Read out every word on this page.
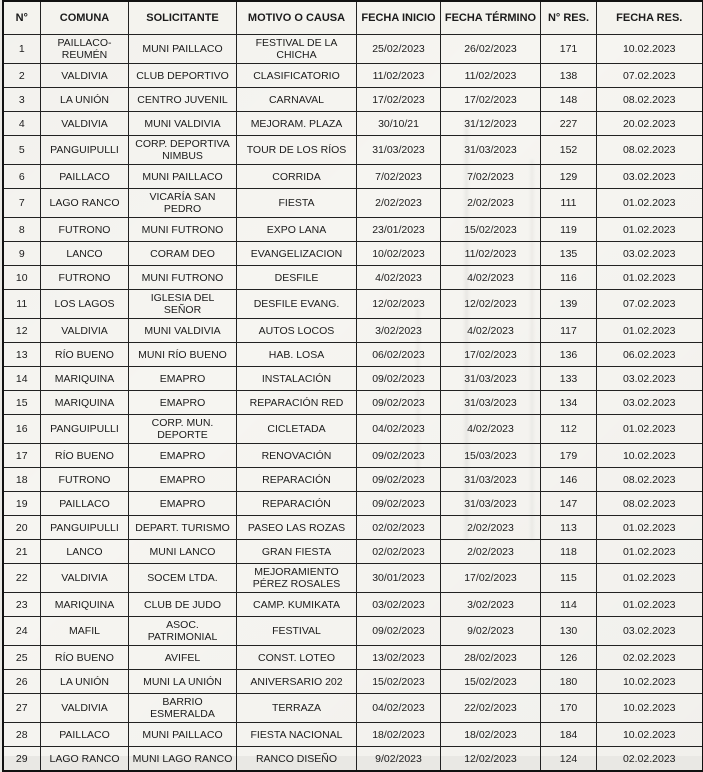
N°	COMUNA	SOLICITANTE	MOTIVO O CAUSA	FECHA INICIO	FECHA TÉRMINO	N° RES.	FECHA RES.
1	PAILLACO-REUMÉN	MUNI PAILLACO	FESTIVAL DE LA CHICHA	25/02/2023	26/02/2023	171	10.02.2023
2	VALDIVIA	CLUB DEPORTIVO	CLASIFICATORIO	11/02/2023	11/02/2023	138	07.02.2023
3	LA UNIÓN	CENTRO JUVENIL	CARNAVAL	17/02/2023	17/02/2023	148	08.02.2023
4	VALDIVIA	MUNI VALDIVIA	MEJORAM. PLAZA	30/10/21	31/12/2023	227	20.02.2023
5	PANGUIPULLI	CORP. DEPORTIVA NIMBUS	TOUR DE LOS RÍOS	31/03/2023	31/03/2023	152	08.02.2023
6	PAILLACO	MUNI PAILLACO	CORRIDA	7/02/2023	7/02/2023	129	03.02.2023
7	LAGO RANCO	VICARÍA SAN PEDRO	FIESTA	2/02/2023	2/02/2023	111	01.02.2023
8	FUTRONO	MUNI FUTRONO	EXPO LANA	23/01/2023	15/02/2023	119	01.02.2023
9	LANCO	CORAM DEO	EVANGELIZACION	10/02/2023	11/02/2023	135	03.02.2023
10	FUTRONO	MUNI FUTRONO	DESFILE	4/02/2023	4/02/2023	116	01.02.2023
11	LOS LAGOS	IGLESIA DEL SEÑOR	DESFILE EVANG.	12/02/2023	12/02/2023	139	07.02.2023
12	VALDIVIA	MUNI VALDIVIA	AUTOS LOCOS	3/02/2023	4/02/2023	117	01.02.2023
13	RÍO BUENO	MUNI RÍO BUENO	HAB. LOSA	06/02/2023	17/02/2023	136	06.02.2023
14	MARIQUINA	EMAPRO	INSTALACIÓN	09/02/2023	31/03/2023	133	03.02.2023
15	MARIQUINA	EMAPRO	REPARACIÓN RED	09/02/2023	31/03/2023	134	03.02.2023
16	PANGUIPULLI	CORP. MUN. DEPORTE	CICLETADA	04/02/2023	4/02/2023	112	01.02.2023
17	RÍO BUENO	EMAPRO	RENOVACIÓN	09/02/2023	15/03/2023	179	10.02.2023
18	FUTRONO	EMAPRO	REPARACIÓN	09/02/2023	31/03/2023	146	08.02.2023
19	PAILLACO	EMAPRO	REPARACIÓN	09/02/2023	31/03/2023	147	08.02.2023
20	PANGUIPULLI	DEPART. TURISMO	PASEO LAS ROZAS	02/02/2023	2/02/2023	113	01.02.2023
21	LANCO	MUNI LANCO	GRAN FIESTA	02/02/2023	2/02/2023	118	01.02.2023
22	VALDIVIA	SOCEM LTDA.	MEJORAMIENTO PÉREZ ROSALES	30/01/2023	17/02/2023	115	01.02.2023
23	MARIQUINA	CLUB DE JUDO	CAMP. KUMIKATA	03/02/2023	3/02/2023	114	01.02.2023
24	MAFIL	ASOC. PATRIMONIAL	FESTIVAL	09/02/2023	9/02/2023	130	03.02.2023
25	RÍO BUENO	AVIFEL	CONST. LOTEO	13/02/2023	28/02/2023	126	02.02.2023
26	LA UNIÓN	MUNI LA UNIÓN	ANIVERSARIO 202	15/02/2023	15/02/2023	180	10.02.2023
27	VALDIVIA	BARRIO ESMERALDA	TERRAZA	04/02/2023	22/02/2023	170	10.02.2023
28	PAILLACO	MUNI PAILLACO	FIESTA NACIONAL	18/02/2023	18/02/2023	184	10.02.2023
29	LAGO RANCO	MUNI LAGO RANCO	RANCO DISEÑO	9/02/2023	12/02/2023	124	02.02.2023
